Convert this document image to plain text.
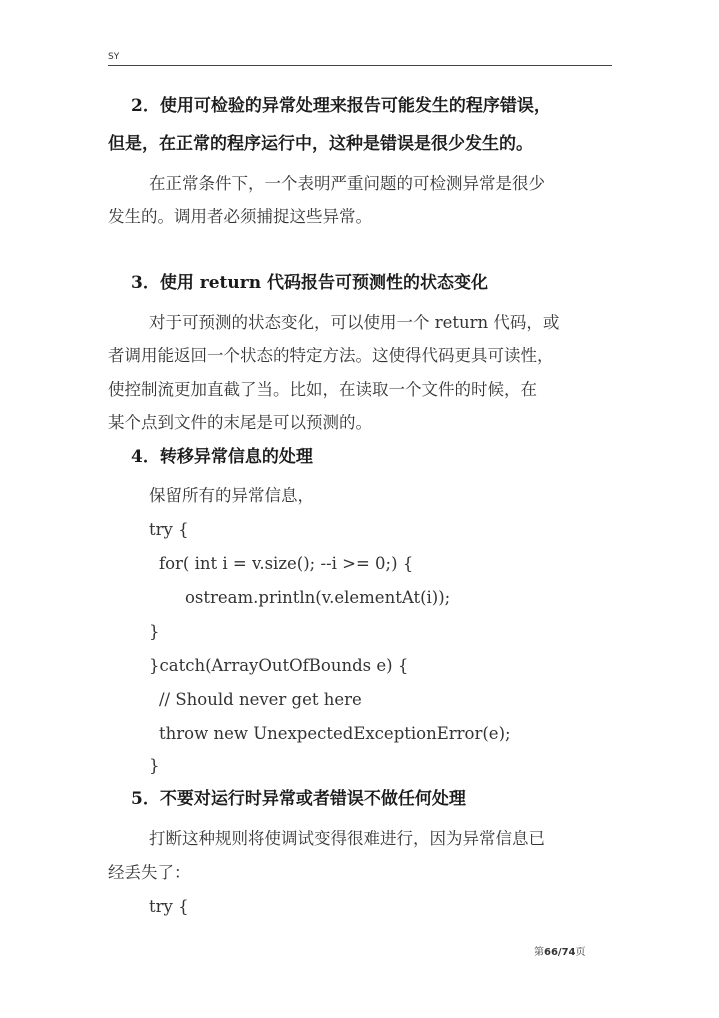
SY
2．使用可检验的异常处理来报告可能发生的程序错误，
但是，在正常的程序运行中，这种是错误是很少发生的。
在正常条件下，一个表明严重问题的可检测异常是很少
发生的。调用者必须捕捉这些异常。
3．使用 return 代码报告可预测性的状态变化
对于可预测的状态变化，可以使用一个 return 代码，或
者调用能返回一个状态的特定方法。这使得代码更具可读性，
使控制流更加直截了当。比如，在读取一个文件的时候，在
某个点到文件的末尾是可以预测的。
4．转移异常信息的处理
保留所有的异常信息，
try {
for( int i = v.size(); --i >= 0;) {
ostream.println(v.elementAt(i));
}
}catch(ArrayOutOfBounds e) {
// Should never get here
throw new UnexpectedExceptionError(e);
}
5．不要对运行时异常或者错误不做任何处理
打断这种规则将使调试变得很难进行，因为异常信息已
经丢失了：
try {
第66/74页
